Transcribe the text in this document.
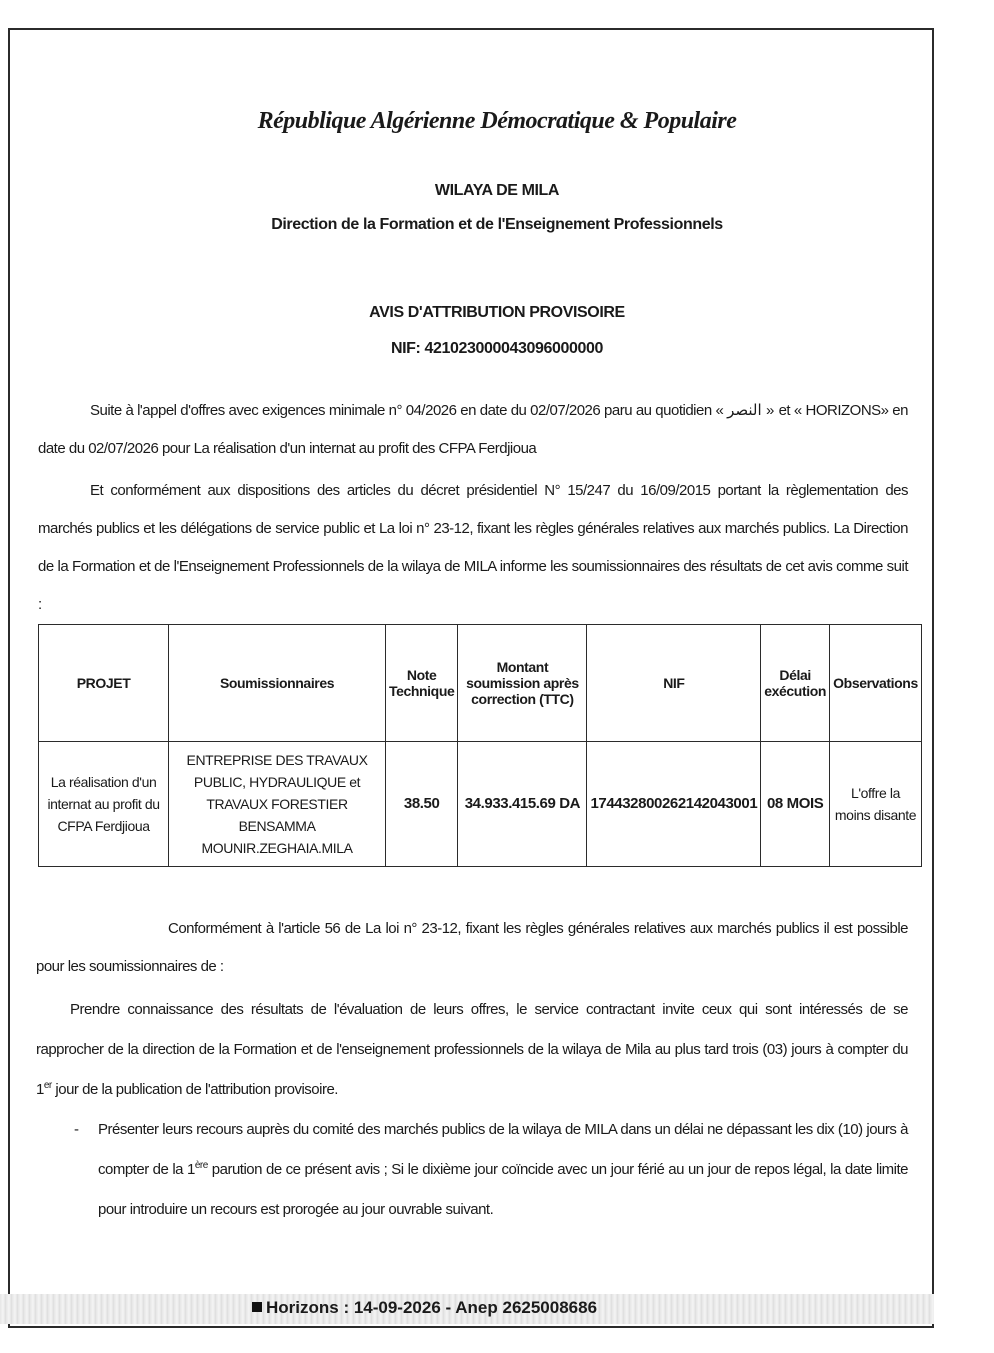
République Algérienne Démocratique & Populaire
WILAYA DE MILA
Direction de la Formation et de l'Enseignement Professionnels
AVIS D'ATTRIBUTION PROVISOIRE
NIF: 421023000043096000000
Suite à l'appel d'offres avec exigences minimale n° 04/2026 en date du 02/07/2026 paru au quotidien « النصر » et « HORIZONS» en date du 02/07/2026 pour La réalisation d'un internat au profit des CFPA Ferdjioua
Et conformément aux dispositions des articles du décret présidentiel N° 15/247 du 16/09/2015 portant la règlementation des marchés publics et les délégations de service public et La loi n° 23-12, fixant les règles générales relatives aux marchés publics. La Direction de la Formation et de l'Enseignement Professionnels de la wilaya de MILA informe les soumissionnaires des résultats de cet avis comme suit :
PROJET	Soumissionnaires	Note Technique	Montant soumission après correction (TTC)	NIF	Délai exécution	Observations
La réalisation d'un internat au profit du CFPA Ferdjioua	ENTREPRISE DES TRAVAUX PUBLIC, HYDRAULIQUE et TRAVAUX FORESTIER BENSAMMA MOUNIR.ZEGHAIA.MILA	38.50	34.933.415.69 DA	174432800262142043001	08 MOIS	L'offre la moins disante
Conformément à l'article 56 de La loi n° 23-12, fixant les règles générales relatives aux marchés publics il est possible pour les soumissionnaires de :
Prendre connaissance des résultats de l'évaluation de leurs offres, le service contractant invite ceux qui sont intéressés de se rapprocher de la direction de la Formation et de l'enseignement professionnels de la wilaya de Mila au plus tard trois (03) jours à compter du 1er jour de la publication de l'attribution provisoire.
- Présenter leurs recours auprès du comité des marchés publics de la wilaya de MILA dans un délai ne dépassant les dix (10) jours à compter de la 1ère parution de ce présent avis ; Si le dixième jour coïncide avec un jour férié au un jour de repos légal, la date limite pour introduire un recours est prorogée au jour ouvrable suivant.
Horizons : 14-09-2026 - Anep 2625008686
